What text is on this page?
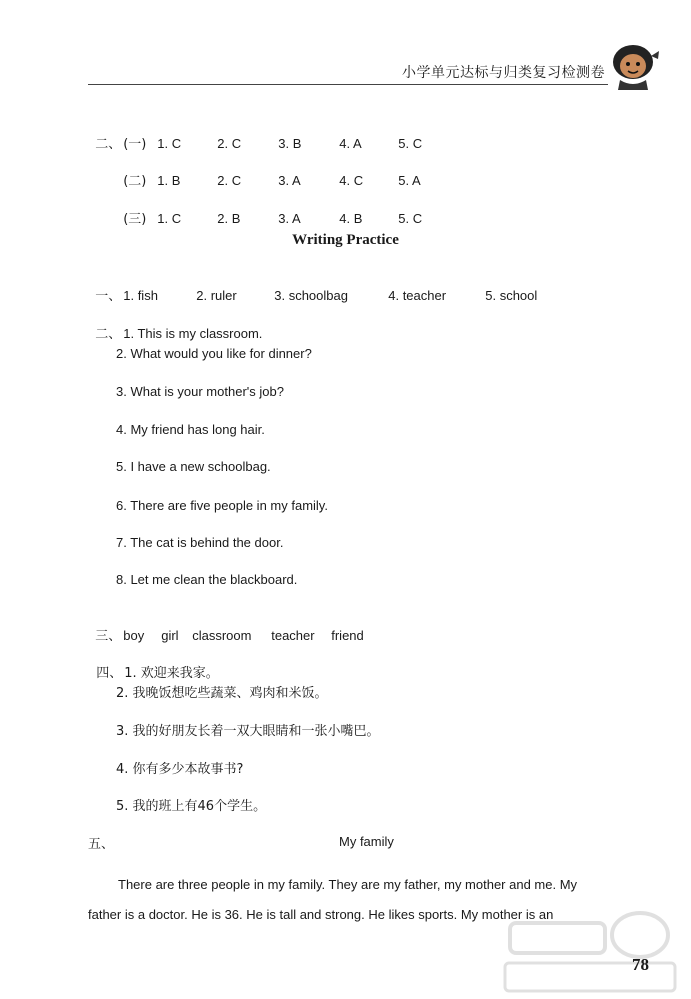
小学单元达标与归类复习检测卷

二、 (一) 1. C	2. C	3. B	4. A	5. C

(二) 1. B	2. C	3. A	4. C	5. A

(三) 1. C	2. B	3. A	4. B	5. C

Writing Practice

一、 1. fish	2. ruler	3. schoolbag	4. teacher	5. school

二、 1. This is my classroom.

2. What would you like for dinner?
3. What is your mother's job?
4. My friend has long hair.
5. I have a new schoolbag.
6. There are five people in my family.
7. The cat is behind the door.
8. Let me clean the blackboard.

三、 boy girl classroom teacher friend

四、 1. 欢迎来我家。

2. 我晚饭想吃些蔬菜、鸡肉和米饭。
3. 我的好朋友长着一双大眼睛和一张小嘴巴。
4. 你有多少本故事书?
5. 我的班上有46个学生。
五、	My family

There are three people in my family. They are my father, my mother and me. My

father is a doctor. He is 36. He is tall and strong. He likes sports. My mother is an
78
